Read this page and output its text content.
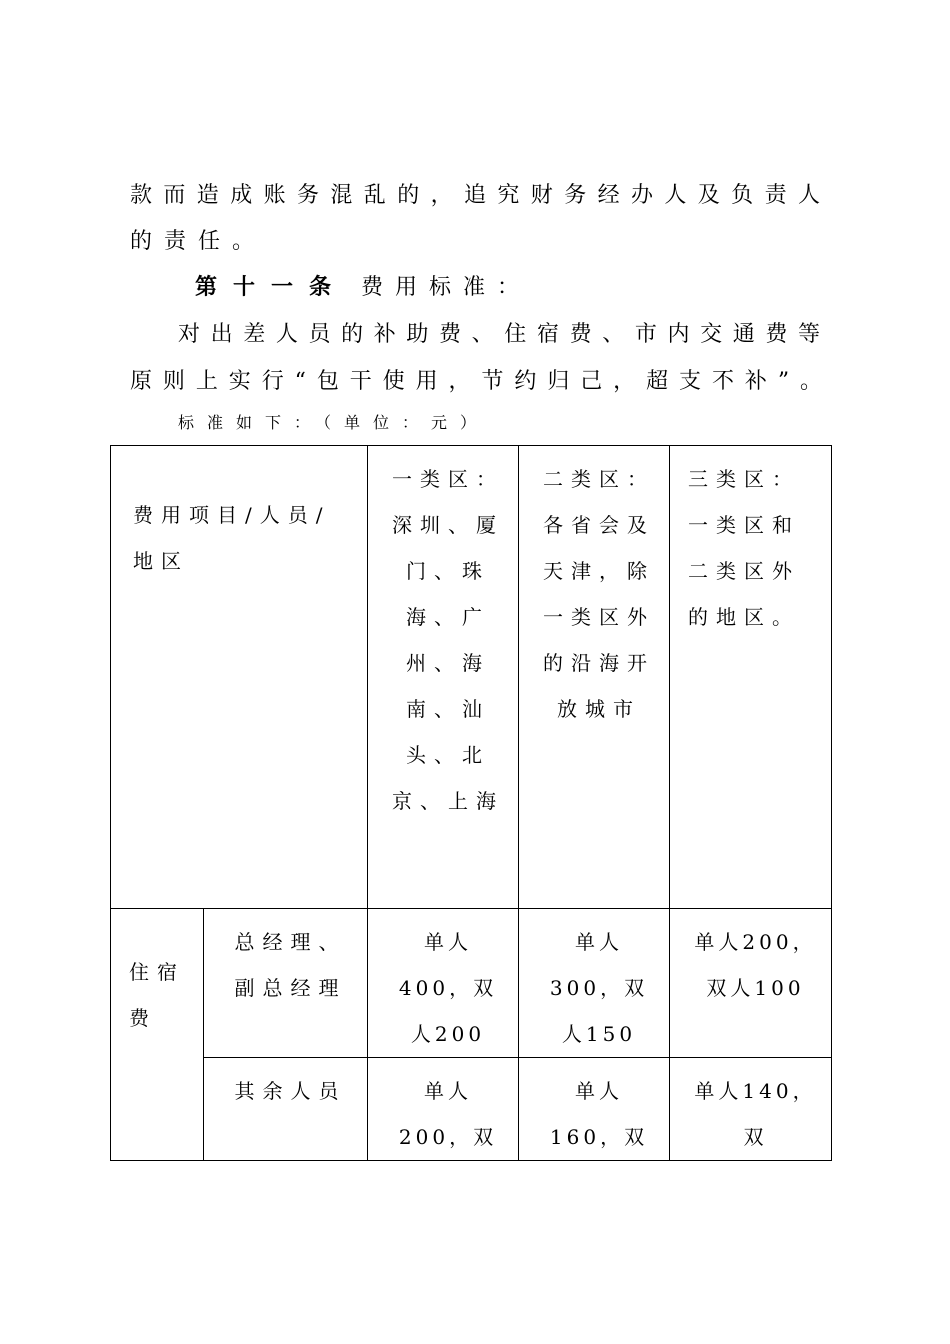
款而造成账务混乱的，追究财务经办人及负责人
的责任。
第十一条 费用标准：
对出差人员的补助费、住宿费、市内交通费等
原则上实行“包干使用，节约归己，超支不补”。
标准如下：（单位：元）
费用项目/人员/地区		一类区：深圳、厦门、珠海、广州、海南、汕头、北京、上海	二类区：各省会及天津，除一类区外的沿海开放城市	三类区：一类区和二类区外的地区。

住宿费	总经理、副总经理	单人400，双人200	单人300，双人150	单人200，双人100

	其余人员	单人200，双	单人160，双	单人140，双
